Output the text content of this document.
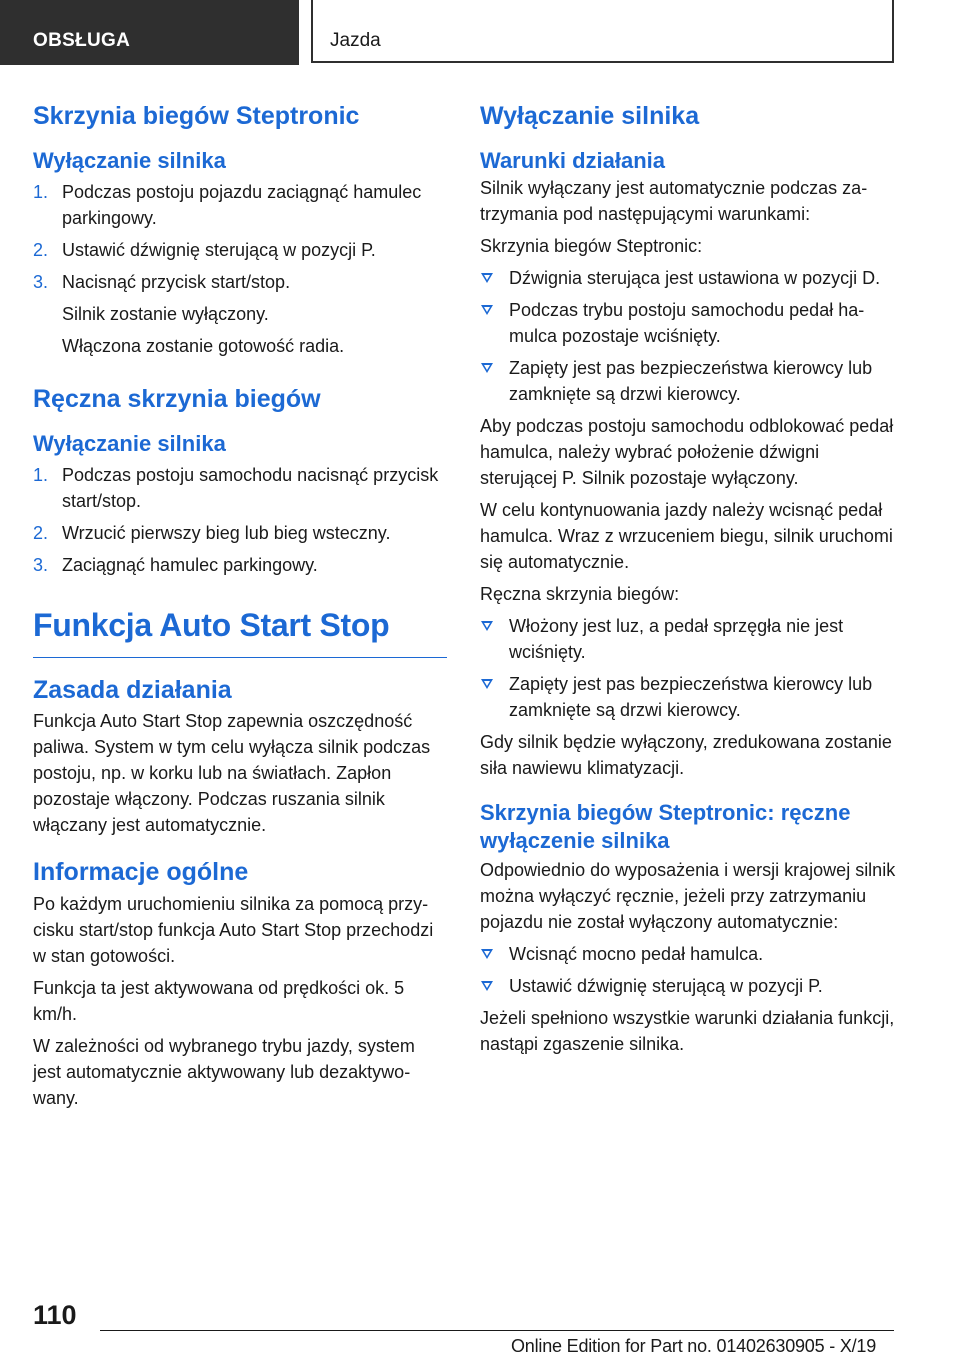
OBSŁUGA	Jazda
Skrzynia biegów Steptronic
Wyłączanie silnika
1. Podczas postoju pojazdu zaciągnąć hamulec parkingowy.
2. Ustawić dźwignię sterującą w pozycji P.
3. Nacisnąć przycisk start/stop.

Silnik zostanie wyłączony.

Włączona zostanie gotowość radia.

Ręczna skrzynia biegów
Wyłączanie silnika
1. Podczas postoju samochodu nacisnąć przycisk start/stop.
2. Wrzucić pierwszy bieg lub bieg wsteczny.
3. Zaciągnąć hamulec parkingowy.
Funkcja Auto Start Stop
Zasada działania

Funkcja Auto Start Stop zapewnia oszczędność paliwa. System w tym celu wyłącza silnik podczas postoju, np. w korku lub na światłach. Zapłon pozostaje włączony. Podczas ruszania silnik włączany jest automatycznie.

Informacje ogólne

Po każdym uruchomieniu silnika za pomocą przycisku start/stop funkcja Auto Start Stop przechodzi w stan gotowości.

Funkcja ta jest aktywowana od prędkości ok. 5 km/h.

W zależności od wybranego trybu jazdy, system jest automatycznie aktywowany lub dezaktywowany.

Wyłączanie silnika
Warunki działania

Silnik wyłączany jest automatycznie podczas zatrzymania pod następującymi warunkami:

Skrzynia biegów Steptronic:

Dźwignia sterująca jest ustawiona w pozycji D.
Podczas trybu postoju samochodu pedał hamulca pozostaje wciśnięty.
Zapięty jest pas bezpieczeństwa kierowcy lub zamknięte są drzwi kierowcy.

Aby podczas postoju samochodu odblokować pedał hamulca, należy wybrać położenie dźwigni sterującej P. Silnik pozostaje wyłączony.

W celu kontynuowania jazdy należy wcisnąć pedał hamulca. Wraz z wrzuceniem biegu, silnik uruchomi się automatycznie.

Ręczna skrzynia biegów:

Włożony jest luz, a pedał sprzęgła nie jest wciśnięty.
Zapięty jest pas bezpieczeństwa kierowcy lub zamknięte są drzwi kierowcy.

Gdy silnik będzie wyłączony, zredukowana zostanie siła nawiewu klimatyzacji.

Skrzynia biegów Steptronic: ręczne wyłączenie silnika

Odpowiednio do wyposażenia i wersji krajowej silnik można wyłączyć ręcznie, jeżeli przy zatrzymaniu pojazdu nie został wyłączony automatycznie:

Wcisnąć mocno pedał hamulca.
Ustawić dźwignię sterującą w pozycji P.

Jeżeli spełniono wszystkie warunki działania funkcji, nastąpi zgaszenie silnika.

110
Online Edition for Part no. 01402630905 - X/19
